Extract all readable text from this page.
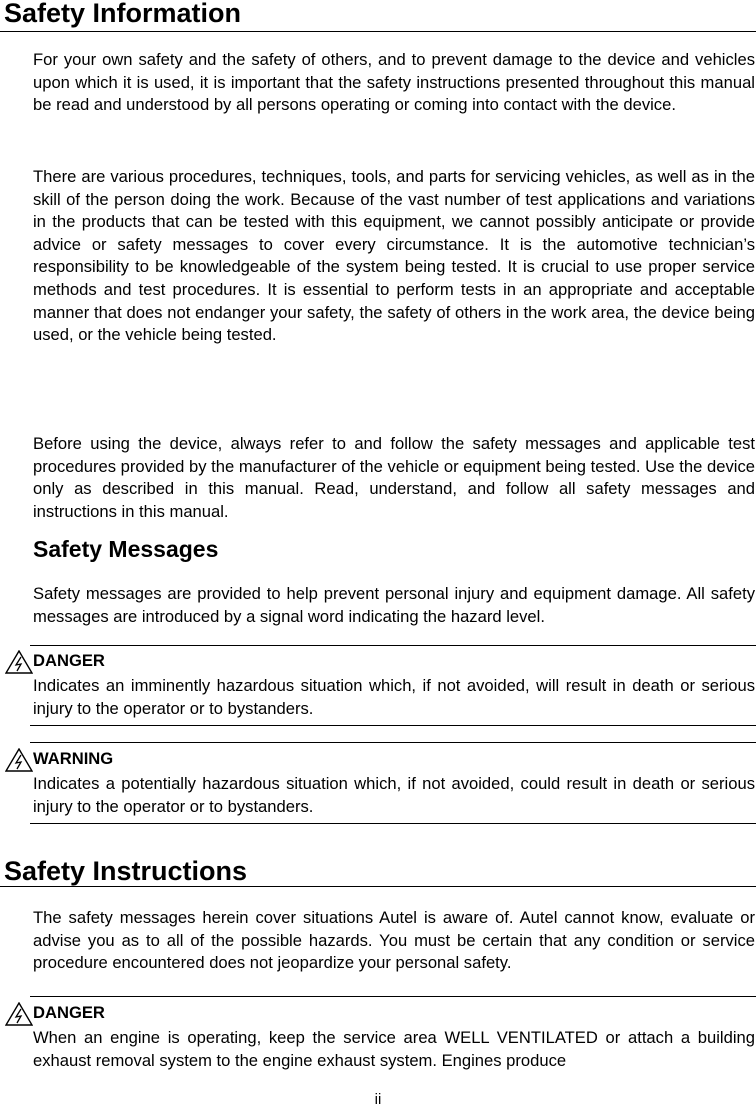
Safety Information

For your own safety and the safety of others, and to prevent damage to the device and vehicles upon which it is used, it is important that the safety instructions presented throughout this manual be read and understood by all persons operating or coming into contact with the device.

There are various procedures, techniques, tools, and parts for servicing vehicles, as well as in the skill of the person doing the work. Because of the vast number of test applications and variations in the products that can be tested with this equipment, we cannot possibly anticipate or provide advice or safety messages to cover every circumstance. It is the automotive technician’s responsibility to be knowledgeable of the system being tested. It is crucial to use proper service methods and test procedures. It is essential to perform tests in an appropriate and acceptable manner that does not endanger your safety, the safety of others in the work area, the device being used, or the vehicle being tested.

Before using the device, always refer to and follow the safety messages and applicable test procedures provided by the manufacturer of the vehicle or equipment being tested. Use the device only as described in this manual. Read, understand, and follow all safety messages and instructions in this manual.

Safety Messages

Safety messages are provided to help prevent personal injury and equipment damage. All safety messages are introduced by a signal word indicating the hazard level.

DANGER

Indicates an imminently hazardous situation which, if not avoided, will result in death or serious injury to the operator or to bystanders.

WARNING

Indicates a potentially hazardous situation which, if not avoided, could result in death or serious injury to the operator or to bystanders.

Safety Instructions

The safety messages herein cover situations Autel is aware of. Autel cannot know, evaluate or advise you as to all of the possible hazards. You must be certain that any condition or service procedure encountered does not jeopardize your personal safety.

DANGER

When an engine is operating, keep the service area WELL VENTILATED or attach a building exhaust removal system to the engine exhaust system. Engines produce

ii
